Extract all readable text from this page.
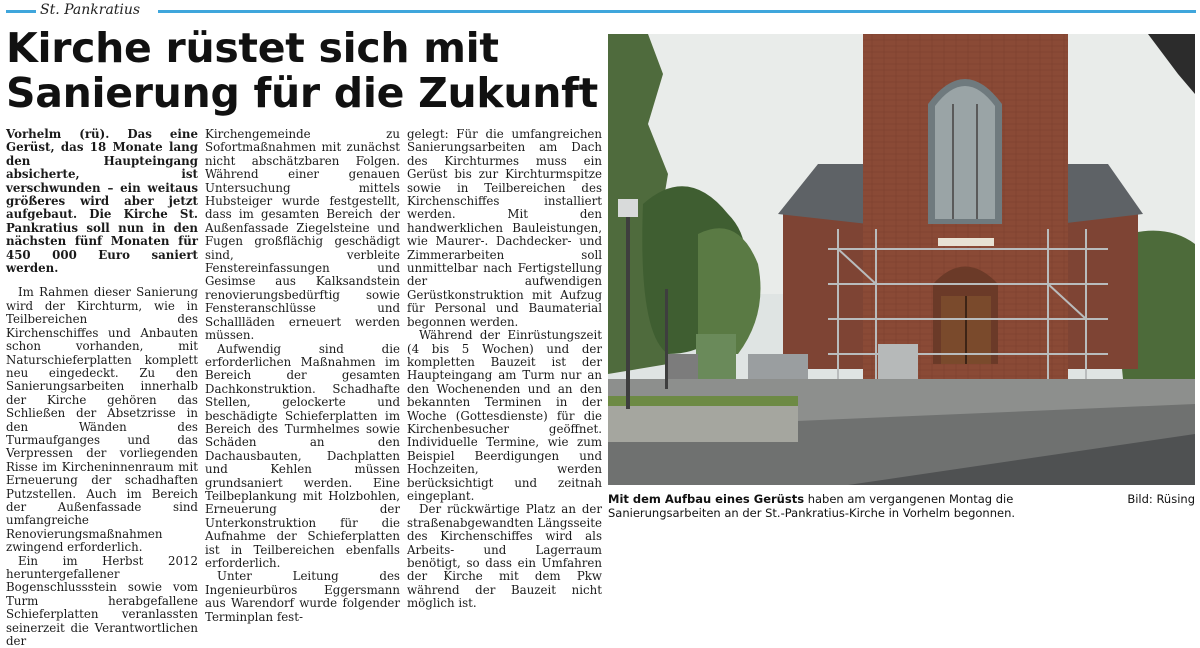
St. Pankratius
Kirche rüstet sich mit
Sanierung für die Zukunft

Vorhelm (rü). Das eine Gerüst, das 18 Monate lang den Haupteingang absicherte, ist verschwunden – ein weitaus größeres wird aber jetzt aufgebaut. Die Kirche St. Pankratius soll nun in den nächsten fünf Monaten für 450 000 Euro saniert werden.

Im Rahmen dieser Sanierung wird der Kirchturm, wie in Teilbereichen des Kirchenschiffes und Anbauten schon vorhanden, mit Naturschieferplatten komplett neu eingedeckt. Zu den Sanierungsarbeiten innerhalb der Kirche gehören das Schließen der Absetzrisse in den Wänden des Turmaufganges und das Verpressen der vorliegenden Risse im Kircheninnenraum mit Erneuerung der schadhaften Putzstellen. Auch im Bereich der Außenfassade sind umfangreiche Renovierungsmaßnahmen zwingend erforderlich.

Ein im Herbst 2012 heruntergefallener Bogenschlussstein sowie vom Turm herabgefallene Schieferplatten veranlassten seinerzeit die Verantwortlichen der

Kirchengemeinde zu Sofortmaßnahmen mit zunächst nicht abschätzbaren Folgen. Während einer genauen Untersuchung mittels Hubsteiger wurde festgestellt, dass im gesamten Bereich der Außenfassade Ziegelsteine und Fugen großflächig geschädigt sind, verbleite Fenstereinfassungen und Gesimse aus Kalksandstein renovierungsbedürftig sowie Fensteranschlüsse und Schallläden erneuert werden müssen.

Aufwendig sind die erforderlichen Maßnahmen im Bereich der gesamten Dachkonstruktion. Schadhafte Stellen, gelockerte und beschädigte Schieferplatten im Bereich des Turmhelmes sowie Schäden an den Dachausbauten, Dachplatten und Kehlen müssen grundsaniert werden. Eine Teilbeplankung mit Holzbohlen, Erneuerung der Unterkonstruktion für die Aufnahme der Schieferplatten ist in Teilbereichen ebenfalls erforderlich.

Unter Leitung des Ingenieurbüros Eggersmann aus Warendorf wurde folgender Terminplan fest-

gelegt: Für die umfangreichen Sanierungsarbeiten am Dach des Kirchturmes muss ein Gerüst bis zur Kirchturmspitze sowie in Teilbereichen des Kirchenschiffes installiert werden. Mit den handwerklichen Bauleistungen, wie Maurer-. Dachdecker- und Zimmerarbeiten soll unmittelbar nach Fertigstellung der aufwendigen Gerüstkonstruktion mit Aufzug für Personal und Baumaterial begonnen werden.

Während der Einrüstungszeit (4 bis 5 Wochen) und der kompletten Bauzeit ist der Haupteingang am Turm nur an den Wochenenden und an den bekannten Terminen in der Woche (Gottesdienste) für die Kirchenbesucher geöffnet. Individuelle Termine, wie zum Beispiel Beerdigungen und Hochzeiten, werden berücksichtigt und zeitnah eingeplant.

Der rückwärtige Platz an der straßenabgewandten Längsseite des Kirchenschiffes wird als Arbeits- und Lagerraum benötigt, so dass ein Umfahren der Kirche mit dem Pkw während der Bauzeit nicht möglich ist.

Bild: Rüsing
Mit dem Aufbau eines Gerüsts haben am vergangenen Montag die Sanierungsarbeiten an der St.-Pankratius-Kirche in Vorhelm begonnen.
